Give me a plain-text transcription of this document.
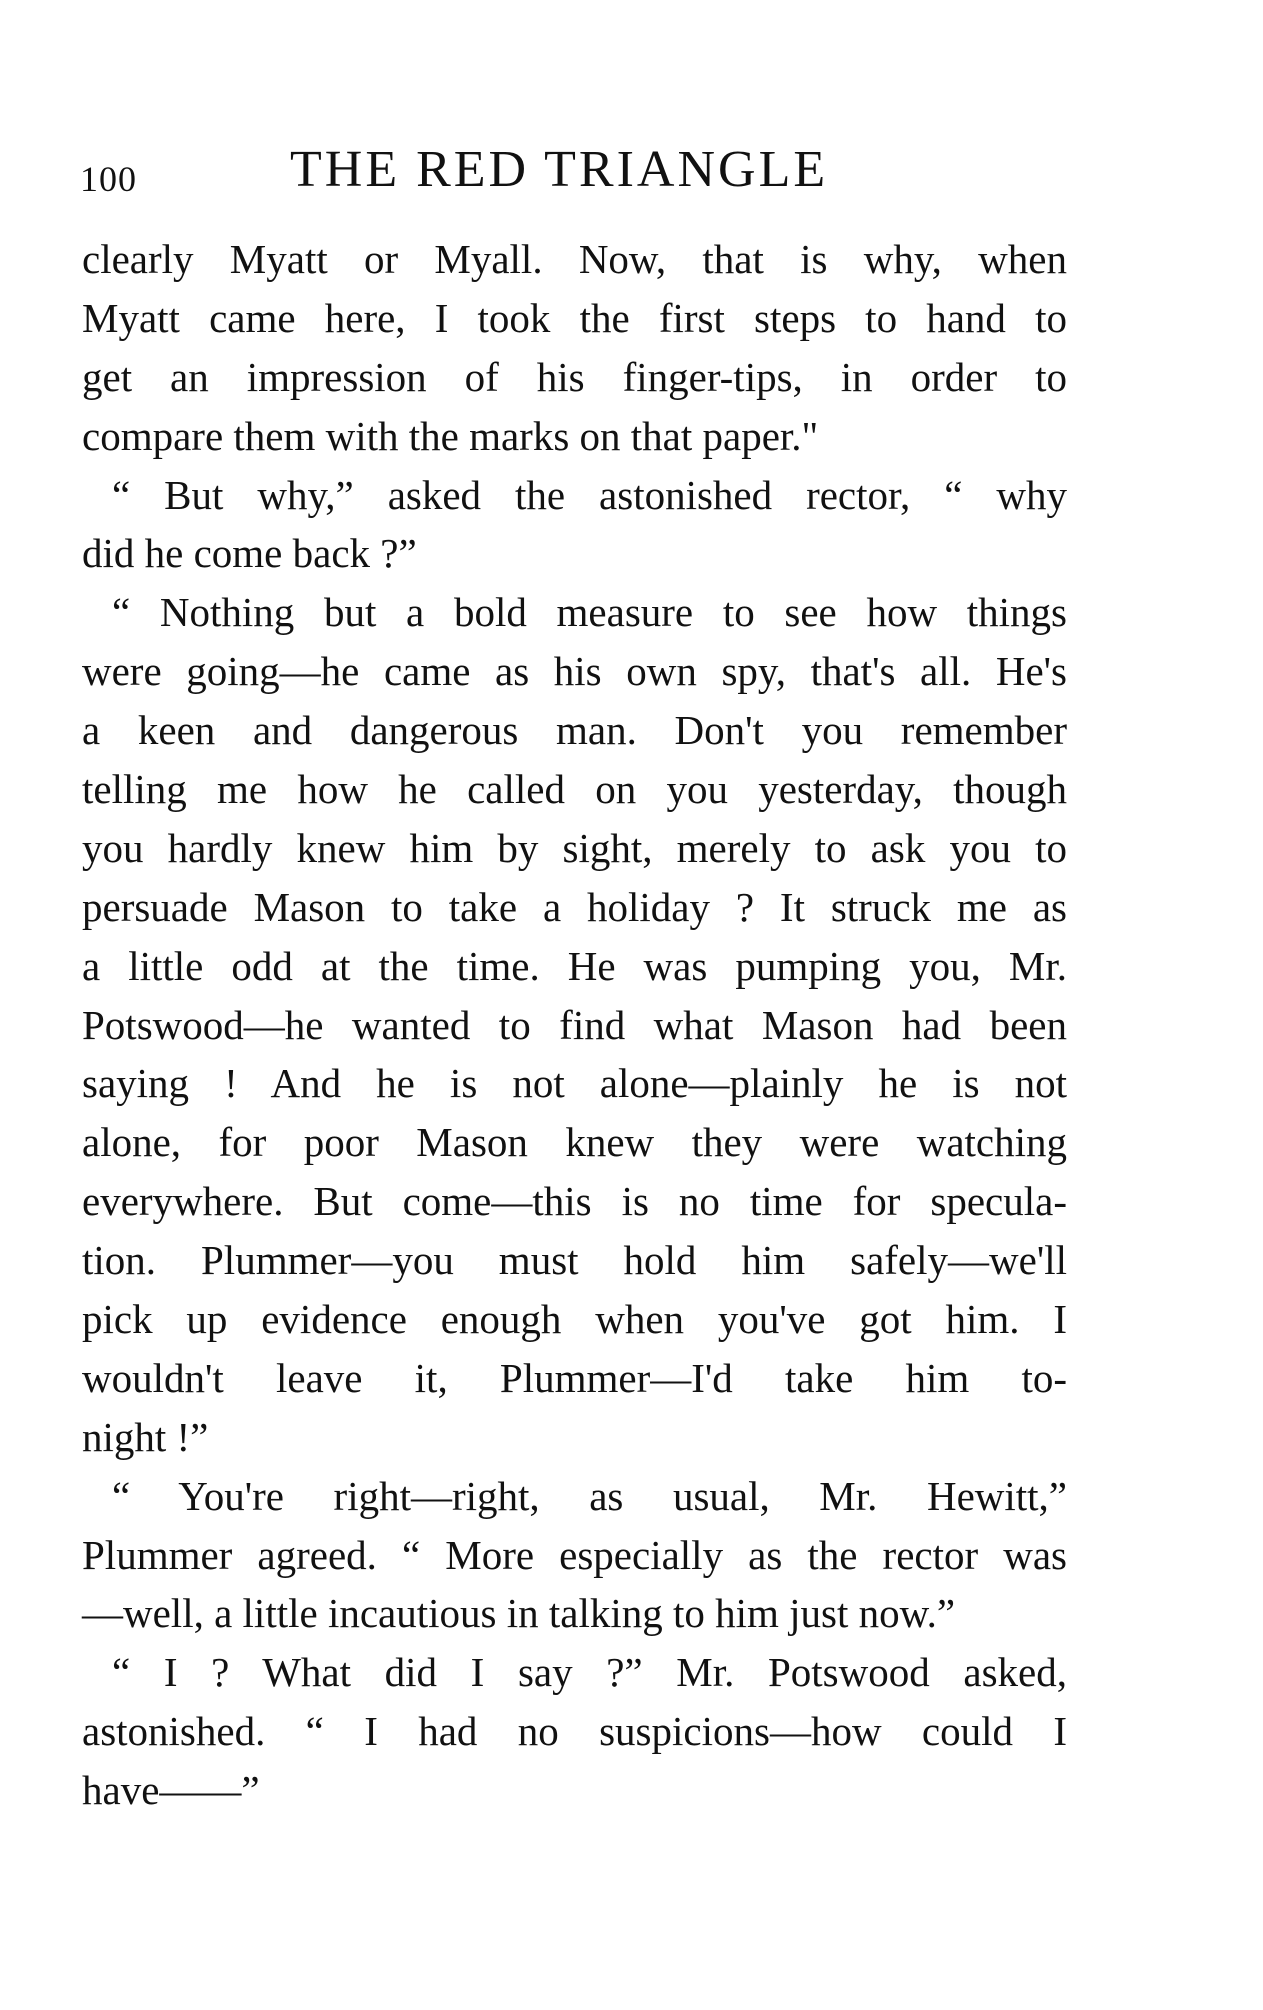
100	THE RED TRIANGLE
clearly Myatt or Myall. Now, that is why, when
Myatt came here, I took the first steps to hand to
get an impression of his finger-tips, in order to
compare them with the marks on that paper."
“ But why,” asked the astonished rector, “ why
did he come back ?”
“ Nothing but a bold measure to see how things
were going—he came as his own spy, that's all. He's
a keen and dangerous man. Don't you remember
telling me how he called on you yesterday, though
you hardly knew him by sight, merely to ask you to
persuade Mason to take a holiday ? It struck me as
a little odd at the time. He was pumping you, Mr.
Potswood—he wanted to find what Mason had been
saying ! And he is not alone—plainly he is not
alone, for poor Mason knew they were watching
everywhere. But come—this is no time for specula-
tion. Plummer—you must hold him safely—we'll
pick up evidence enough when you've got him. I
wouldn't leave it, Plummer—I'd take him to-
night !”
“ You're right—right, as usual, Mr. Hewitt,”
Plummer agreed. “ More especially as the rector was
—well, a little incautious in talking to him just now.”
“ I ? What did I say ?” Mr. Potswood asked,
astonished. “ I had no suspicions—how could I
have——”
